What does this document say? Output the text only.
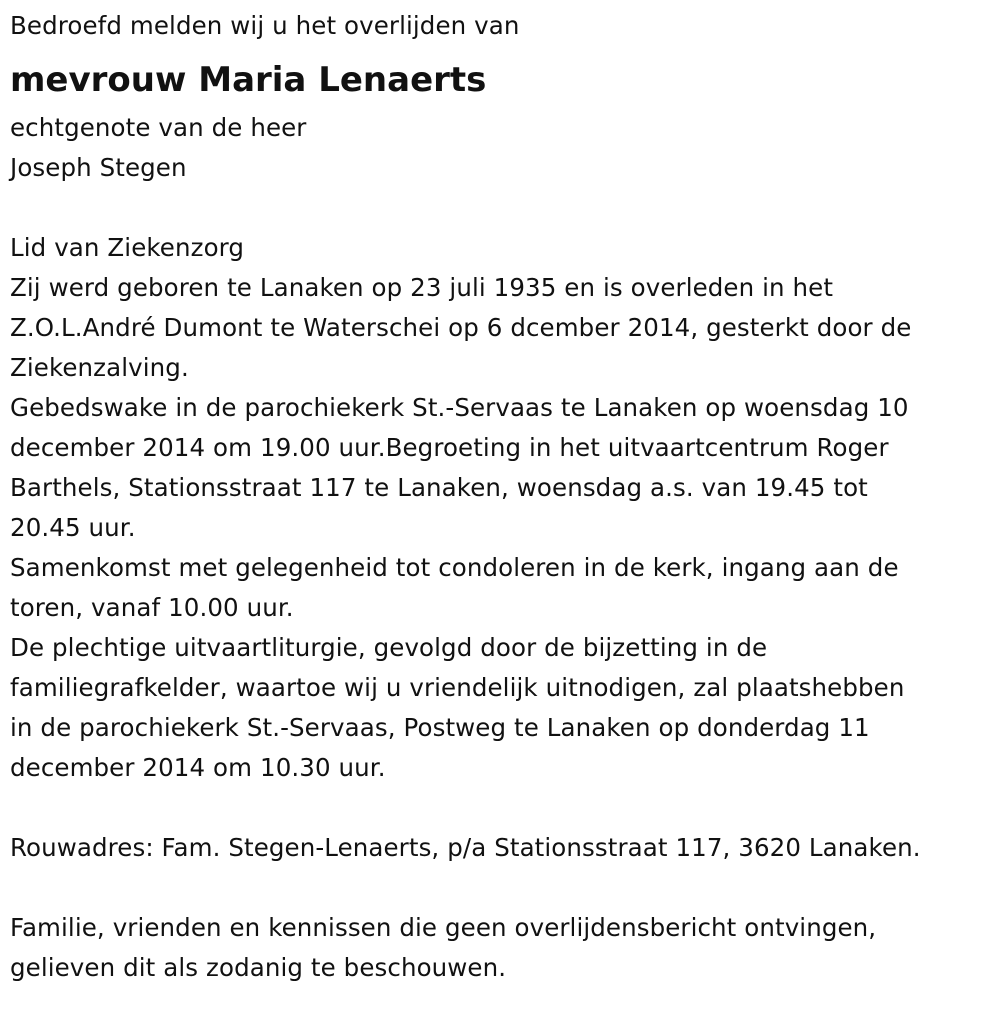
Bedroefd melden wij u het overlijden van
mevrouw Maria Lenaerts
echtgenote van de heer
Joseph Stegen
Lid van Ziekenzorg
Zij werd geboren te Lanaken op 23 juli 1935 en is overleden in het
Z.O.L.André Dumont te Waterschei op 6 dcember 2014, gesterkt door de
Ziekenzalving.
Gebedswake in de parochiekerk St.-Servaas te Lanaken op woensdag 10
december 2014 om 19.00 uur.Begroeting in het uitvaartcentrum Roger
Barthels, Stationsstraat 117 te Lanaken, woensdag a.s. van 19.45 tot
20.45 uur.
Samenkomst met gelegenheid tot condoleren in de kerk, ingang aan de
toren, vanaf 10.00 uur.
De plechtige uitvaartliturgie, gevolgd door de bijzetting in de
familiegrafkelder, waartoe wij u vriendelijk uitnodigen, zal plaatshebben
in de parochiekerk St.-Servaas, Postweg te Lanaken op donderdag 11
december 2014 om 10.30 uur.
Rouwadres: Fam. Stegen-Lenaerts, p/a Stationsstraat 117, 3620 Lanaken.
Familie, vrienden en kennissen die geen overlijdensbericht ontvingen,
gelieven dit als zodanig te beschouwen.
